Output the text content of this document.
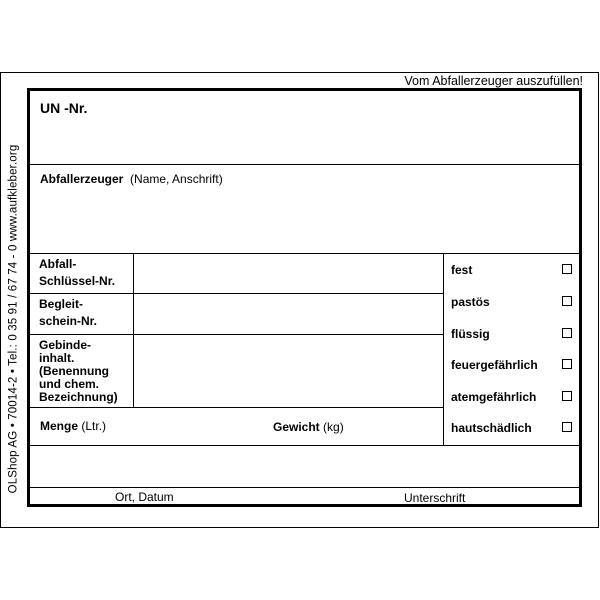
OLShop AG • 70014-2 • Tel.: 0 35 91 / 67 74 - 0 www.aufkleber.org
Vom Abfallerzeuger auszufüllen!
UN -Nr.
Abfallerzeuger (Name, Anschrift)
Abfall-
Schlüssel-Nr.
Begleit-
schein-Nr.
Gebinde-
inhalt.
(Benennung
und chem.
Bezeichnung)
Menge (Ltr.)	Gewicht (kg)
fest
pastös
flüssig
feuergefährlich
atemgefährlich
hautschädlich
Ort, Datum	Unterschrift
